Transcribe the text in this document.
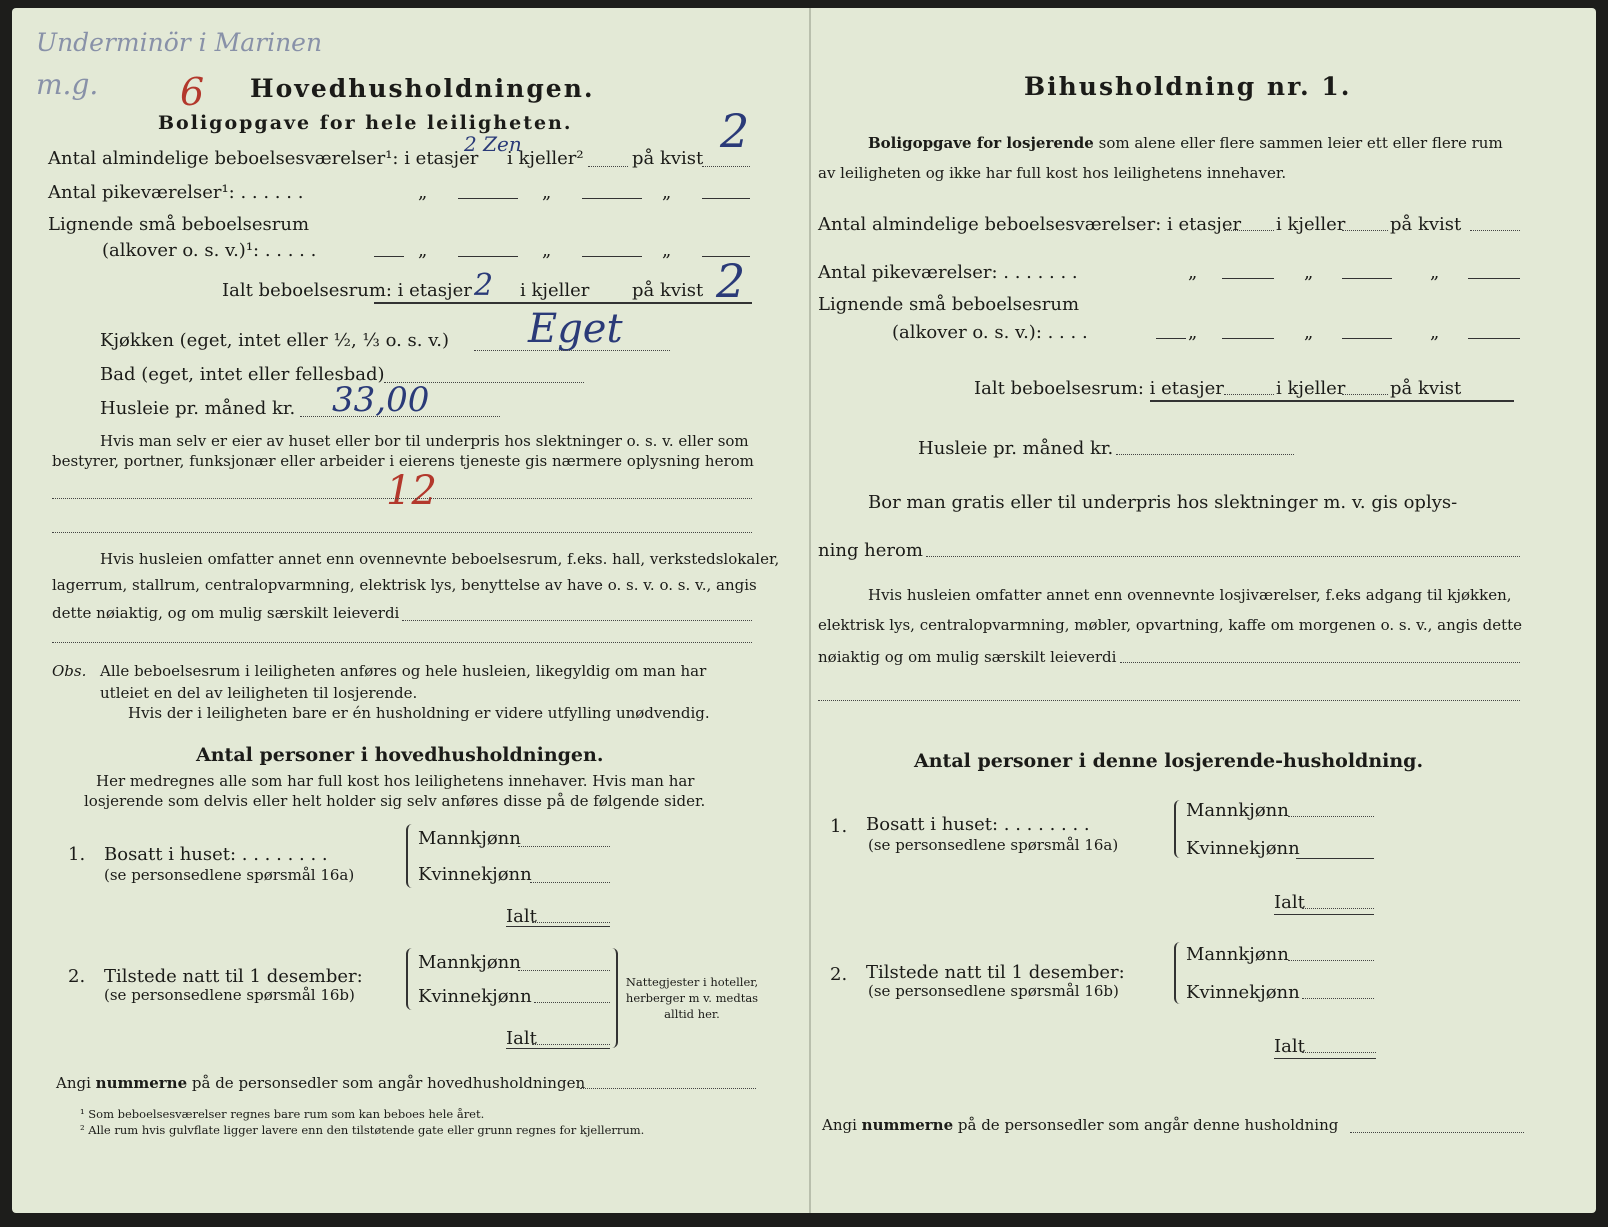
Underminör i Marinen
m.g. 6 Hovedhusholdningen.
Boligopgave for hele leiligheten.	2
Antal almindelige beboelsesværelser¹: i etasjer
2 Zen
i kjeller²	på kvist
Antal pikeværelser¹: . . . . . .	„	„	„
Lignende små beboelsesrum
(alkover o. s. v.)¹: . . . . .	„	„	„
Ialt beboelsesrum: i etasjer 2 i kjeller på kvist 2
Kjøkken (eget, intet eller ½, ⅓ o. s. v.) Eget
Bad (eget, intet eller fellesbad)
Husleie pr. måned kr. 33,00
Hvis man selv er eier av huset eller bor til underpris hos slektninger o. s. v. eller som
bestyrer, portner, funksjonær eller arbeider i eierens tjeneste gis nærmere oplysning herom
12
Hvis husleien omfatter annet enn ovennevnte beboelsesrum, f.eks. hall, verkstedslokaler,
lagerrum, stallrum, centralopvarmning, elektrisk lys, benyttelse av have o. s. v. o. s. v., angis
dette nøiaktig, og om mulig særskilt leieverdi
Obs. Alle beboelsesrum i leiligheten anføres og hele husleien, likegyldig om man har
utleiet en del av leiligheten til losjerende.
Hvis der i leiligheten bare er én husholdning er videre utfylling unødvendig.
Antal personer i hovedhusholdningen.
Her medregnes alle som har full kost hos leilighetens innehaver. Hvis man har
losjerende som delvis eller helt holder sig selv anføres disse på de følgende sider.
1. Bosatt i huset: . . . . . . . .
(se personsedlene spørsmål 16a)
Mannkjønn
Kvinnekjønn
Ialt
2. Tilstede natt til 1 desember:
(se personsedlene spørsmål 16b)
Mannkjønn
Kvinnekjønn
Ialt
Nattegjester i hoteller, herberger m v. medtas alltid her.
Angi nummerne på de personsedler som angår hovedhusholdningen
¹ Som beboelsesværelser regnes bare rum som kan beboes hele året.
² Alle rum hvis gulvflate ligger lavere enn den tilstøtende gate eller grunn regnes for kjellerrum.
Bihusholdning nr. 1.
Boligopgave for losjerende som alene eller flere sammen leier ett eller flere rum
av leiligheten og ikke har full kost hos leilighetens innehaver.
Antal almindelige beboelsesværelser: i etasjer i kjeller på kvist
Antal pikeværelser: . . . . . . .	„	„	„
Lignende små beboelsesrum
(alkover o. s. v.): . . . .	„	„	„
Ialt beboelsesrum: i etasjer	i kjeller på kvist
Husleie pr. måned kr.
Bor man gratis eller til underpris hos slektninger m. v. gis oplys-
ning herom
Hvis husleien omfatter annet enn ovennevnte losjiværelser, f.eks adgang til kjøkken,
elektrisk lys, centralopvarmning, møbler, opvartning, kaffe om morgenen o. s. v., angis dette
nøiaktig og om mulig særskilt leieverdi
Antal personer i denne losjerende-husholdning.
1. Bosatt i huset: . . . . . . . .
(se personsedlene spørsmål 16a)
Mannkjønn
Kvinnekjønn
Ialt
2. Tilstede natt til 1 desember:
(se personsedlene spørsmål 16b)
Mannkjønn
Kvinnekjønn
Ialt
Angi nummerne på de personsedler som angår denne husholdning
